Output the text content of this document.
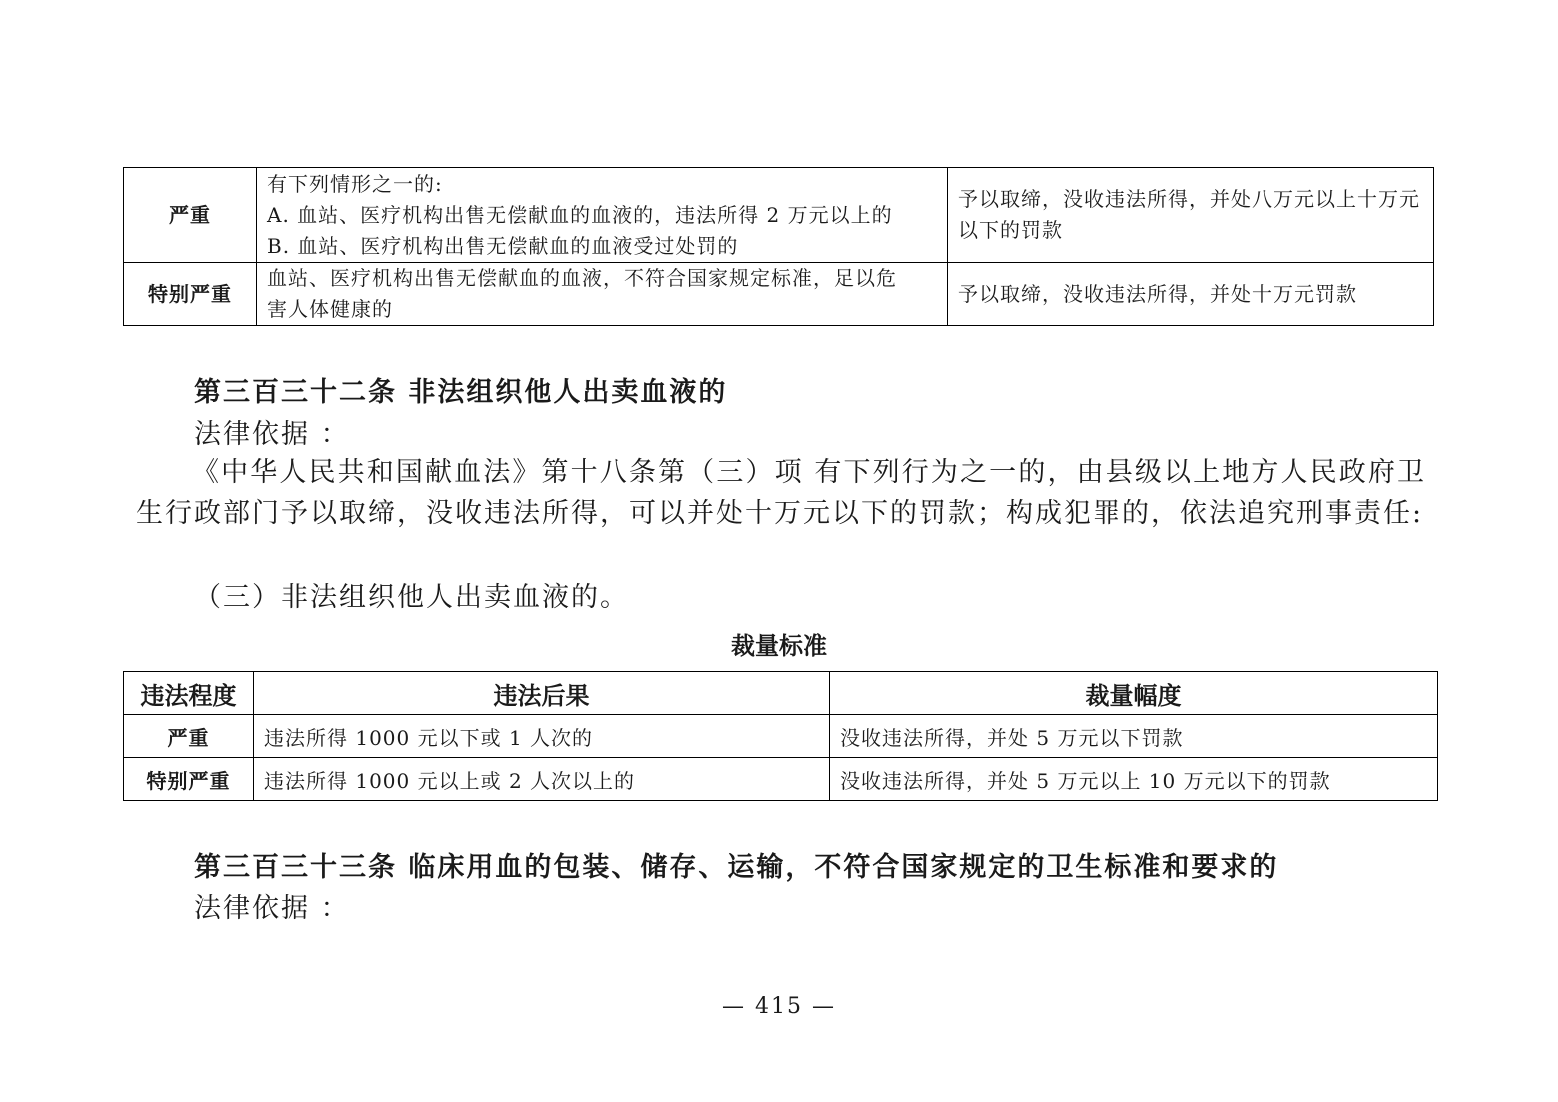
严重	有下列情形之一的:
A. 血站、医疗机构出售无偿献血的血液的，违法所得 2 万元以上的
B. 血站、医疗机构出售无偿献血的血液受过处罚的	予以取缔，没收违法所得，并处八万元以上十万元以下的罚款
特别严重	血站、医疗机构出售无偿献血的血液，不符合国家规定标准，足以危
害人体健康的	予以取缔，没收违法所得，并处十万元罚款
第三百三十二条 非法组织他人出卖血液的
法律依据 ：
《中华人民共和国献血法》第十八条第（三）项 有下列行为之一的，由县级以上地方人民政府卫生行政部门予以取缔，没收违法所得，可以并处十万元以下的罚款；构成犯罪的，依法追究刑事责任:
（三）非法组织他人出卖血液的。
裁量标准
违法程度	违法后果	裁量幅度
严重	违法所得 1000 元以下或 1 人次的	没收违法所得，并处 5 万元以下罚款
特别严重	违法所得 1000 元以上或 2 人次以上的	没收违法所得，并处 5 万元以上 10 万元以下的罚款
第三百三十三条 临床用血的包装、储存、运输，不符合国家规定的卫生标准和要求的
法律依据 ：
— 415 —
